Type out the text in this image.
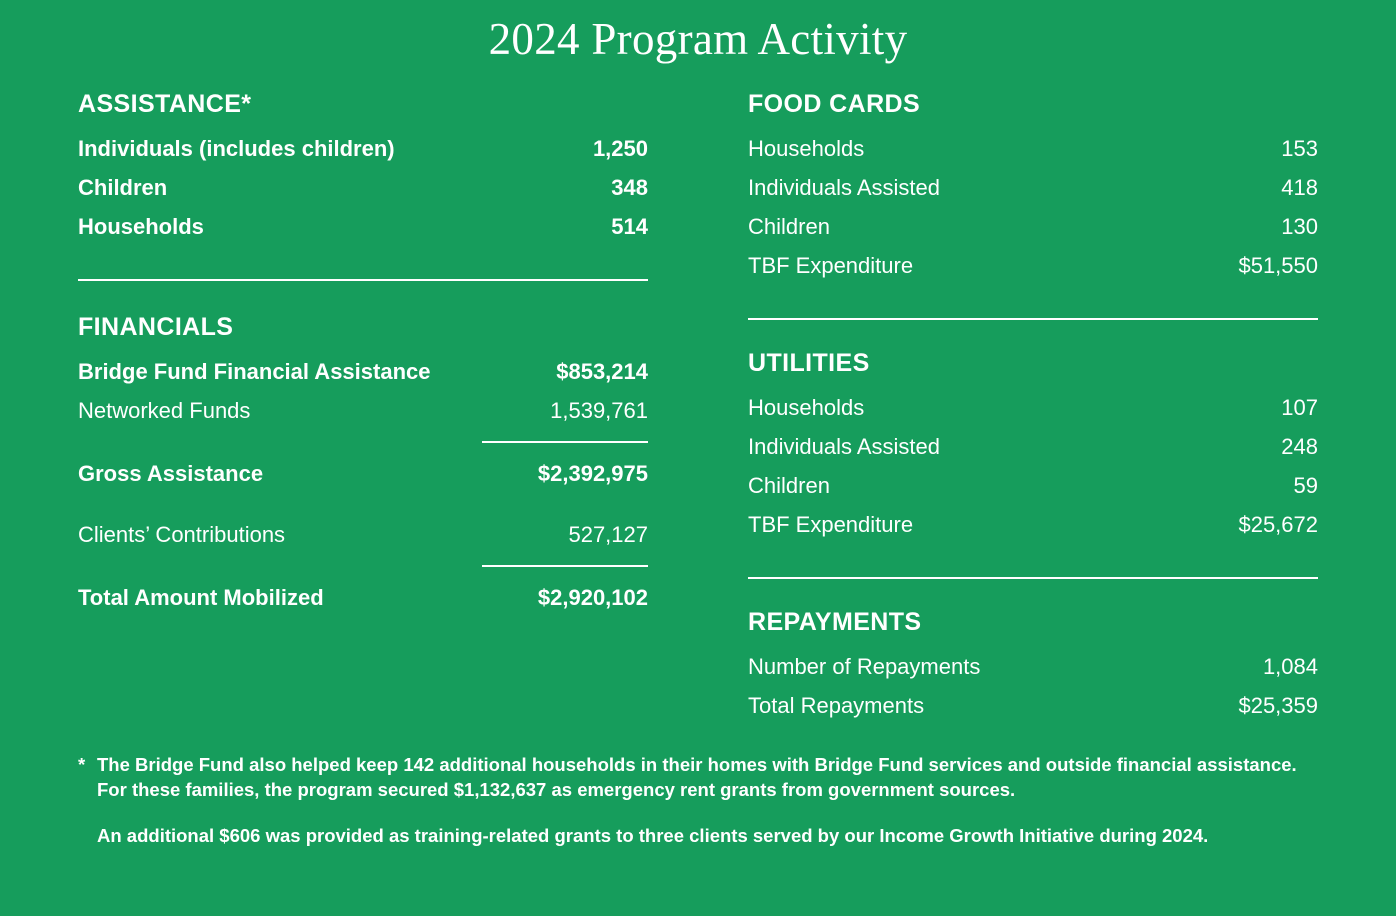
2024 Program Activity
ASSISTANCE*
Individuals (includes children)	1,250
Children	348
Households	514
FINANCIALS
Bridge Fund Financial Assistance	$853,214
Networked Funds	1,539,761
Gross Assistance	$2,392,975
Clients’ Contributions	527,127
Total Amount Mobilized	$2,920,102
FOOD CARDS
Households	153
Individuals Assisted	418
Children	130
TBF Expenditure	$51,550
UTILITIES
Households	107
Individuals Assisted	248
Children	59
TBF Expenditure	$25,672
REPAYMENTS
Number of Repayments	1,084
Total Repayments	$25,359
* The Bridge Fund also helped keep 142 additional households in their homes with Bridge Fund services and outside financial assistance. For these families, the program secured $1,132,637 as emergency rent grants from government sources.
An additional $606 was provided as training-related grants to three clients served by our Income Growth Initiative during 2024.
